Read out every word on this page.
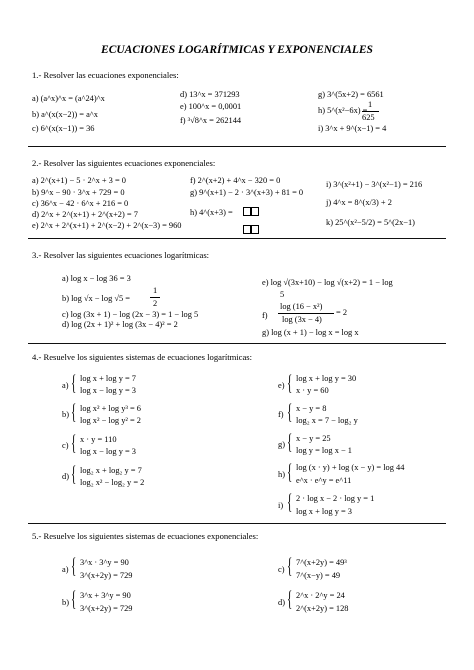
ECUACIONES LOGARÍTMICAS Y EXPONENCIALES
1.- Resolver las ecuaciones exponenciales:
a) (a^x)^x = (a^24)^x
b) a^(x(x−2)) = a^x
c) 6^(x(x−1)) = 36
d) 13^x = 371293
e) 100^x = 0,0001
f) ³√8^x = 262144
g) 3^(5x+2) = 6561
h) 5^(x²−6x) =
1
625
i) 3^x + 9^(x−1) = 4
2.- Resolver las siguientes ecuaciones exponenciales:
a) 2^(x+1) − 5 · 2^x + 3 = 0
b) 9^x − 90 · 3^x + 729 = 0
c) 36^x − 42 · 6^x + 216 = 0
d) 2^x + 2^(x+1) + 2^(x+2) = 7
e) 2^x + 2^(x+1) + 2^(x−2) + 2^(x−3) = 960
f) 2^(x+2) + 4^x − 320 = 0
g) 9^(x+1) − 2 · 3^(x+3) + 81 = 0
h) 4^(x+3) =

i) 3^(x²+1) − 3^(x²−1) = 216
j) 4^x = 8^(x/3) + 2
k) 25^(x²−5/2) = 5^(2x−1)
3.- Resolver las siguientes ecuaciones logarítmicas:
a) log x − log 36 = 3
b) log √x − log √5 =
1
2
c) log (3x + 1) − log (2x − 3) = 1 − log 5
d) log (2x + 1)² + log (3x − 4)² = 2
e) log √(3x+10) − log √(x+2) = 1 − log
5
f)
log (16 − x²)
log (3x − 4)
= 2
g) log (x + 1) − log x = log x
4.- Resuelve los siguientes sistemas de ecuaciones logarítmicas:
a) { log x + log y = 7
log x − log y = 3
b) { log x² + log y³ = 6
log x² − log y² = 2
c) { x · y = 110
log x − log y = 3
d) { log₂ x + log₂ y = 7
log₂ x² − log₂ y = 2
e) { log x + log y = 30
x · y = 60
f) { x − y = 8
log₂ x = 7 − log₂ y
g) { x − y = 25
log y = log x − 1
h) { log (x · y) + log (x − y) = log 44
e^x · e^y = e^11
i) { 2 · log x − 2 · log y = 1
log x + log y = 3
5.- Resuelve los siguientes sistemas de ecuaciones exponenciales:
a) { 3^x · 3^y = 90
3^(x+2y) = 729
b) { 3^x + 3^y = 90
3^(x+2y) = 729
c) { 7^(x+2y) = 49³
7^(x−y) = 49
d) { 2^x · 2^y = 24
2^(x+2y) = 128
